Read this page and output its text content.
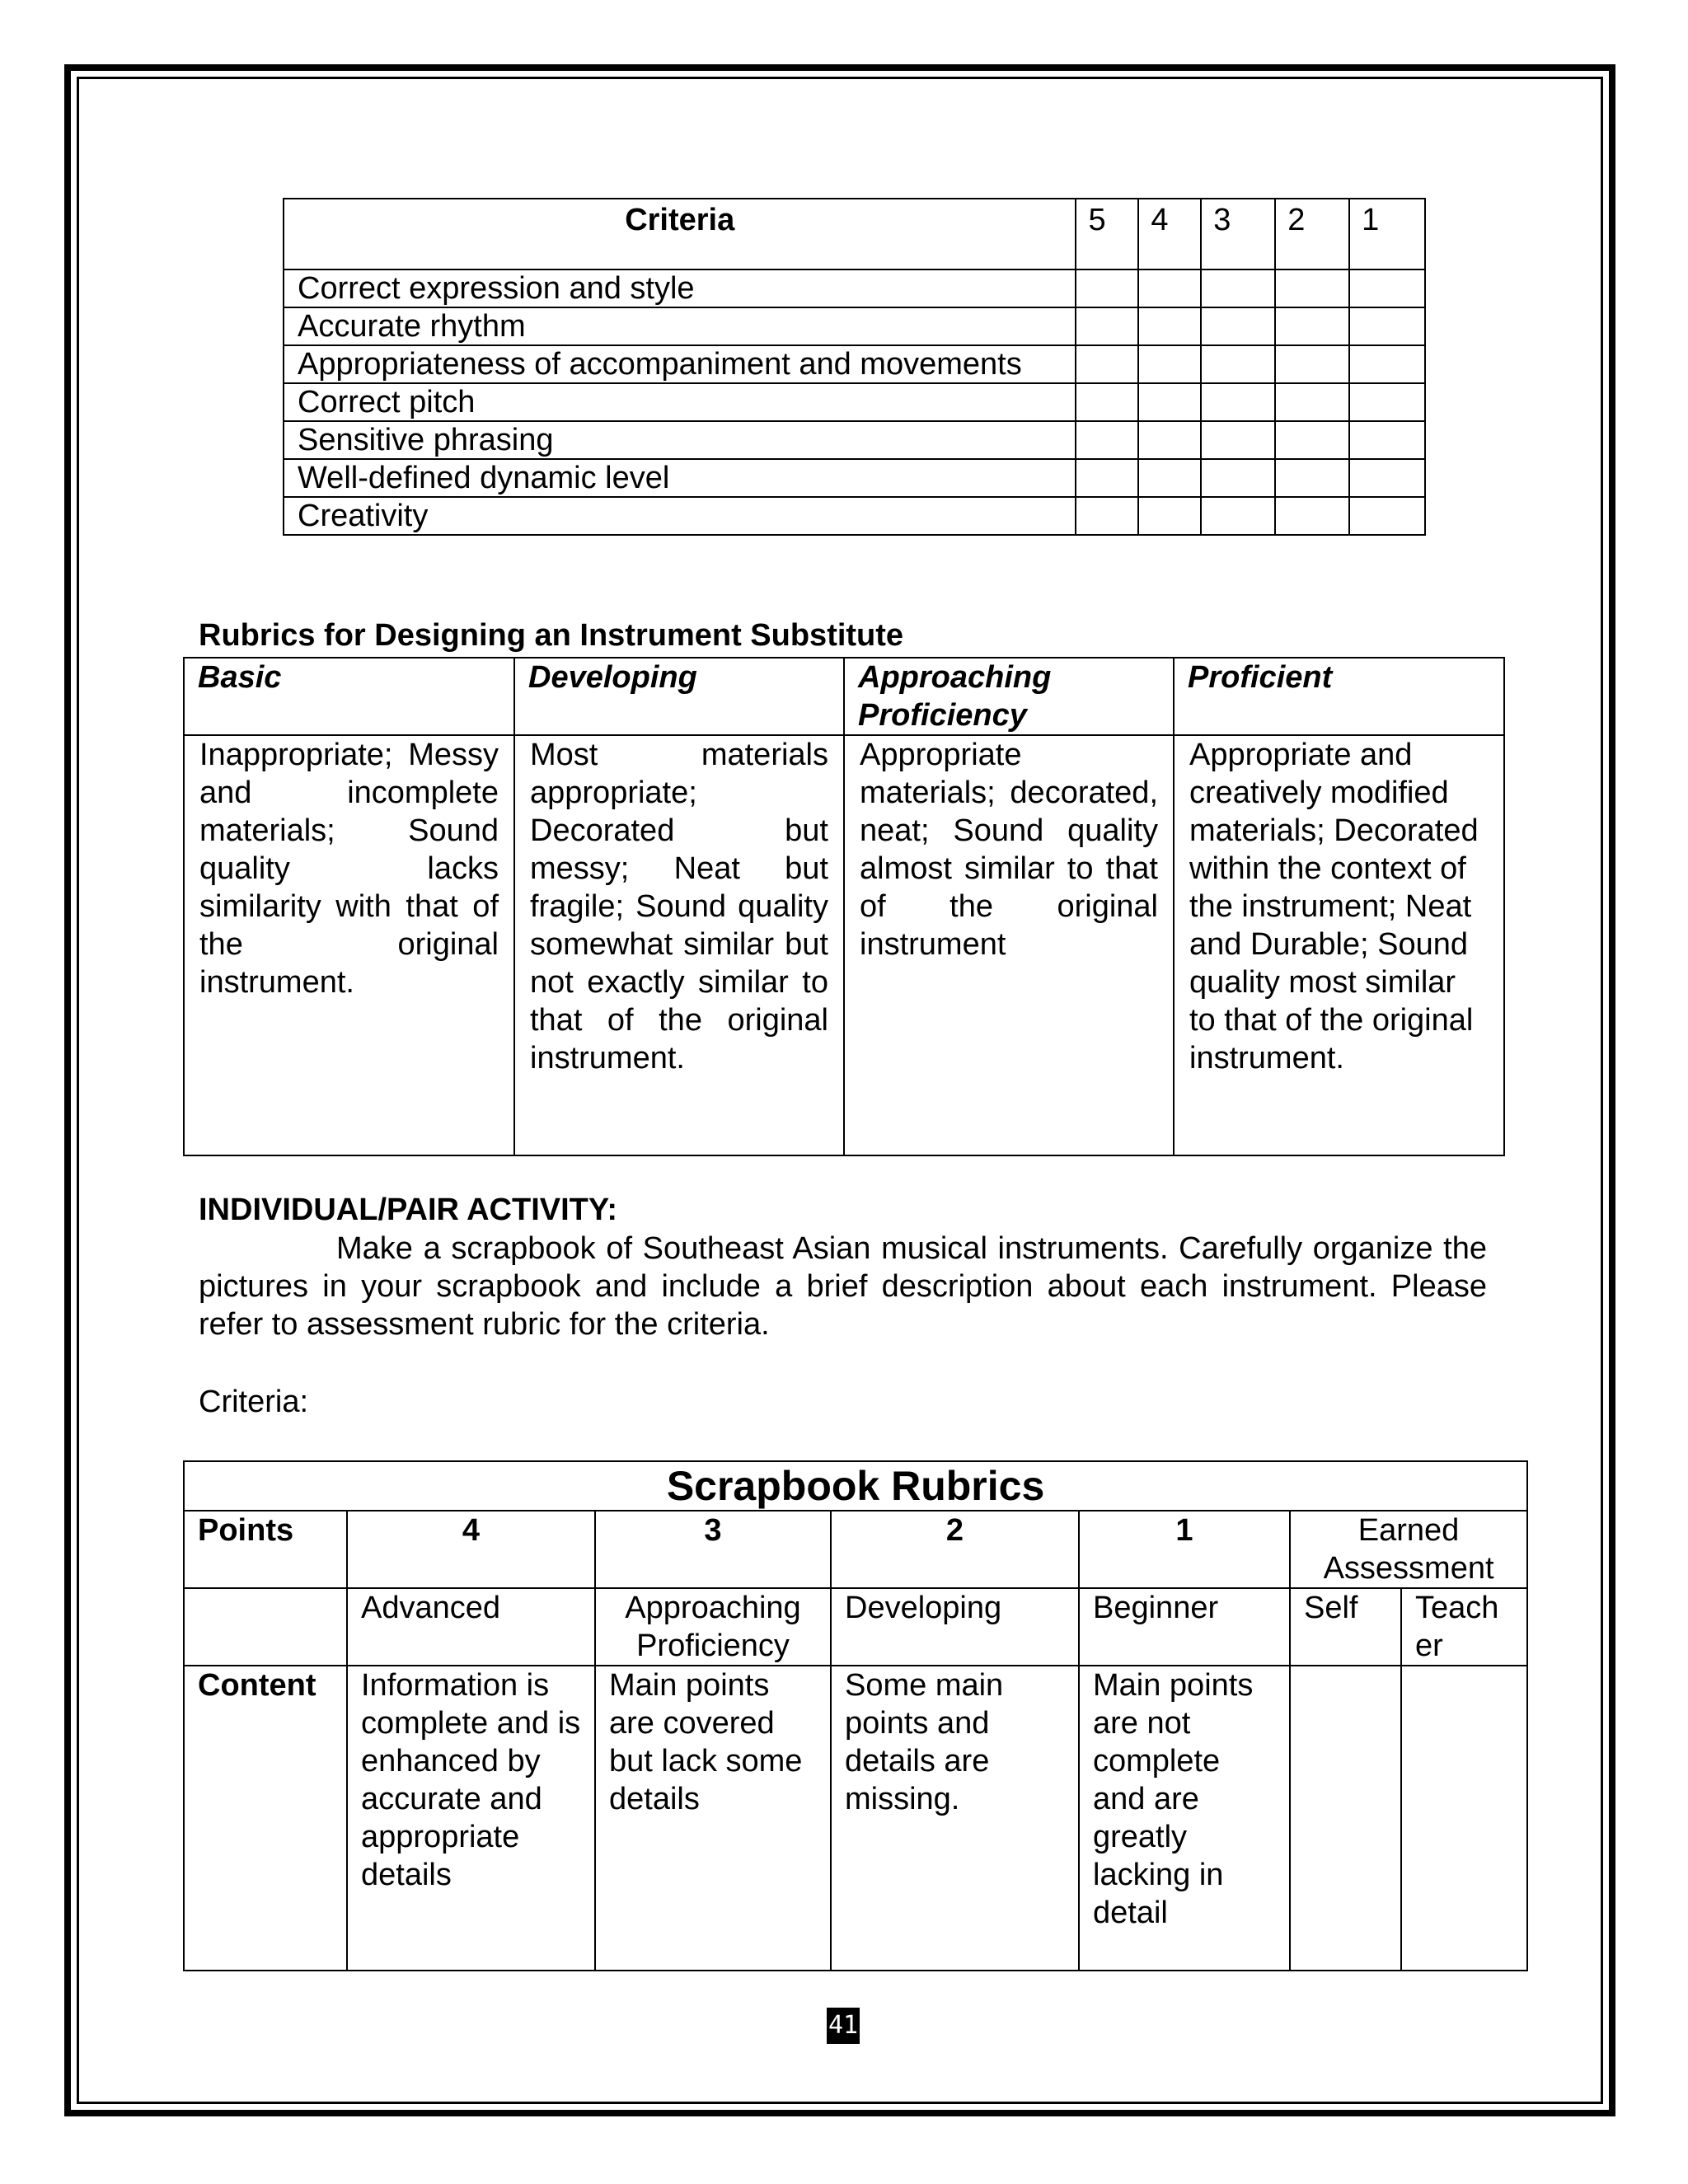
Criteria	5	4	3	2	1
Correct expression and style					
Accurate rhythm					
Appropriateness of accompaniment and movements					
Correct pitch					
Sensitive phrasing					
Well-defined dynamic level					
Creativity					
Rubrics for Designing an Instrument Substitute
Basic	Developing	Approaching Proficiency	Proficient
Inappropriate; Messy and incomplete materials; Sound quality lacks similarity with that of the original instrument.	Most materials appropriate; Decorated but messy; Neat but fragile; Sound quality somewhat similar but not exactly similar to that of the original instrument.	Appropriate materials; decorated, neat; Sound quality almost similar to that of the original instrument	Appropriate and creatively modified materials; Decorated within the context of the instrument; Neat and Durable; Sound quality most similar to that of the original instrument.
INDIVIDUAL/PAIR ACTIVITY:
Make a scrapbook of Southeast Asian musical instruments. Carefully organize the pictures in your scrapbook and include a brief description about each instrument. Please refer to assessment rubric for the criteria.
Criteria:
Scrapbook Rubrics						
Points	4	3	2	1	Earned Assessment	
	Advanced	Approaching Proficiency	Developing	Beginner	Self	Teach er
Content	Information is complete and is enhanced by accurate and appropriate details	Main points are covered but lack some details	Some main points and details are missing.	Main points are not complete and are greatly lacking in detail		
41
